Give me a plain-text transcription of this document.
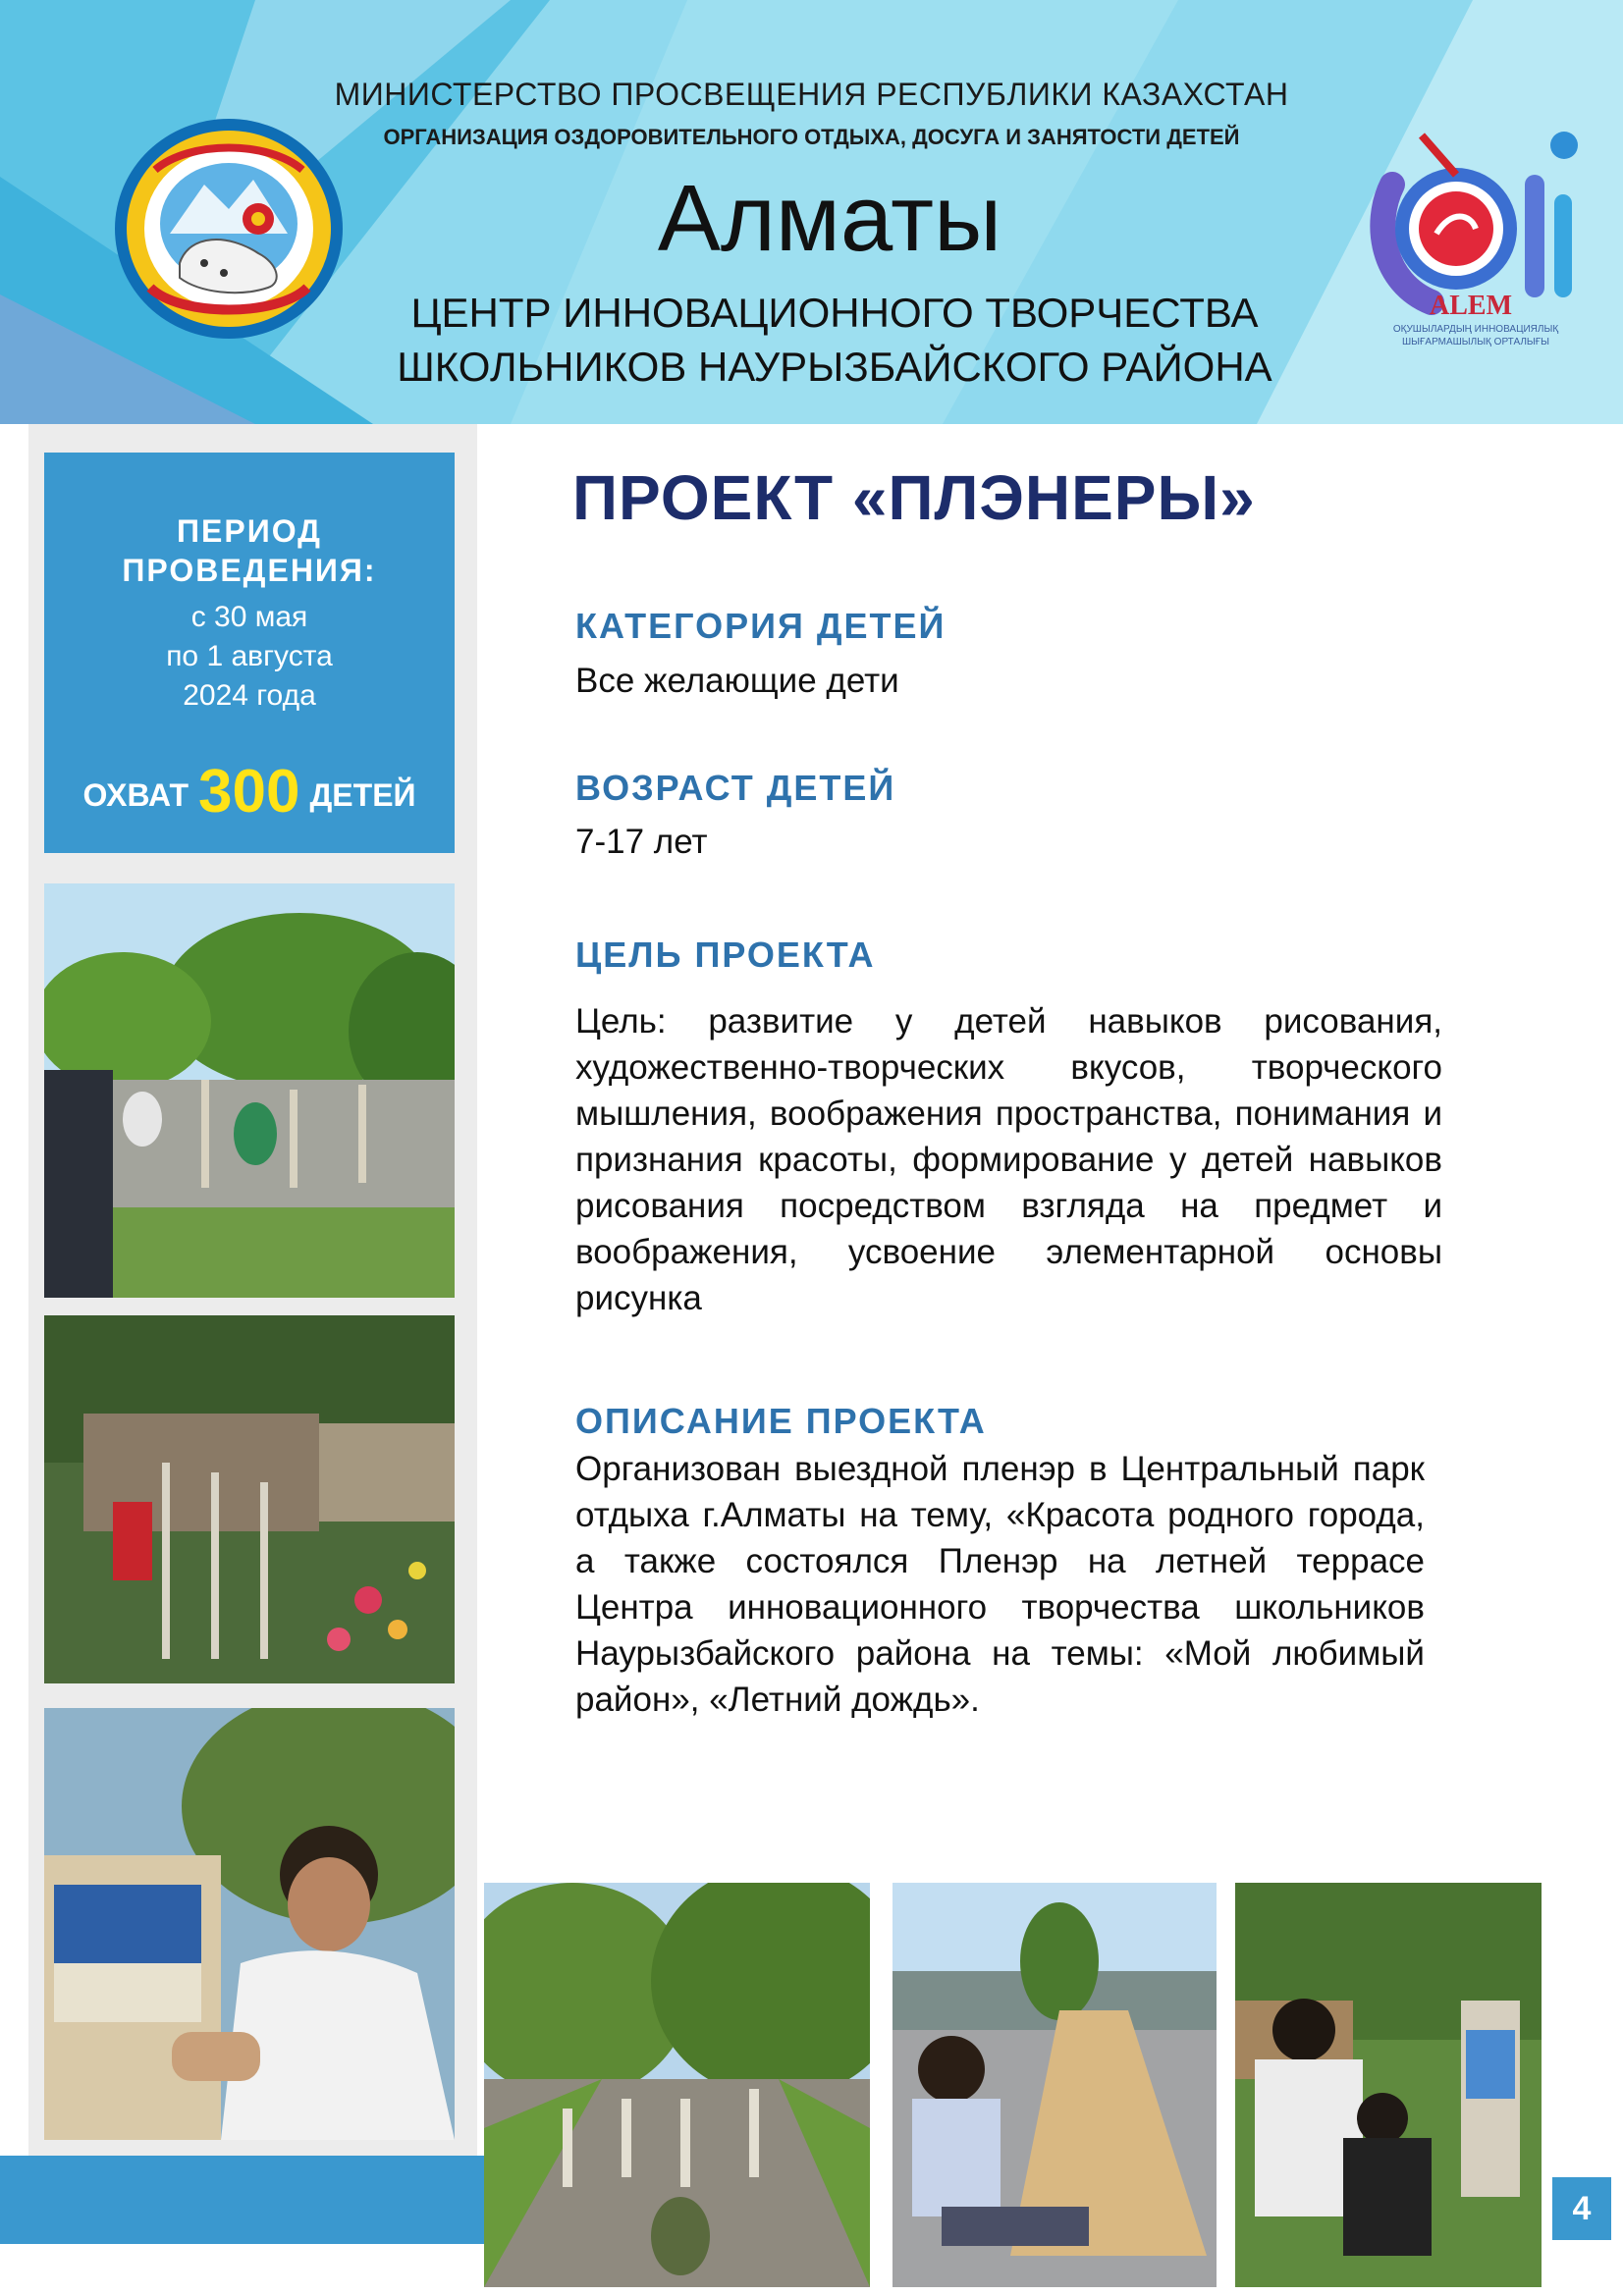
МИНИСТЕРСТВО ПРОСВЕЩЕНИЯ РЕСПУБЛИКИ КАЗАХСТАН
ОРГАНИЗАЦИЯ ОЗДОРОВИТЕЛЬНОГО ОТДЫХА, ДОСУГА И ЗАНЯТОСТИ ДЕТЕЙ
Алматы
ЦЕНТР ИННОВАЦИОННОГО ТВОРЧЕСТВА
ШКОЛЬНИКОВ НАУРЫЗБАЙСКОГО РАЙОНА
ALEM
ОҚУШЫЛАРДЫҢ ИННОВАЦИЯЛЫҚ
ШЫҒАРМАШЫЛЫҚ ОРТАЛЫҒЫ
ПЕРИОД
ПРОВЕДЕНИЯ:
с 30 мая
по 1 августа
2024 года
ОХВАТ 300 ДЕТЕЙ
ПРОЕКТ «ПЛЭНЕРЫ»
КАТЕГОРИЯ ДЕТЕЙ
Все желающие дети
ВОЗРАСТ ДЕТЕЙ
7-17 лет
ЦЕЛЬ ПРОЕКТА
Цель: развитие у детей навыков рисования, художественно-творческих вкусов, творческого мышления, воображения пространства, понимания и признания красоты, формирование у детей навыков рисования посредством взгляда на предмет и воображения, усвоение элементарной основы рисунка
ОПИСАНИЕ ПРОЕКТА
Организован выездной пленэр в Центральный парк отдыха г.Алматы на тему, «Красота родного города, а также состоялся Пленэр на летней террасе Центра инновационного творчества школьников Наурызбайского района на темы: «Мой любимый район», «Летний дождь».
4
